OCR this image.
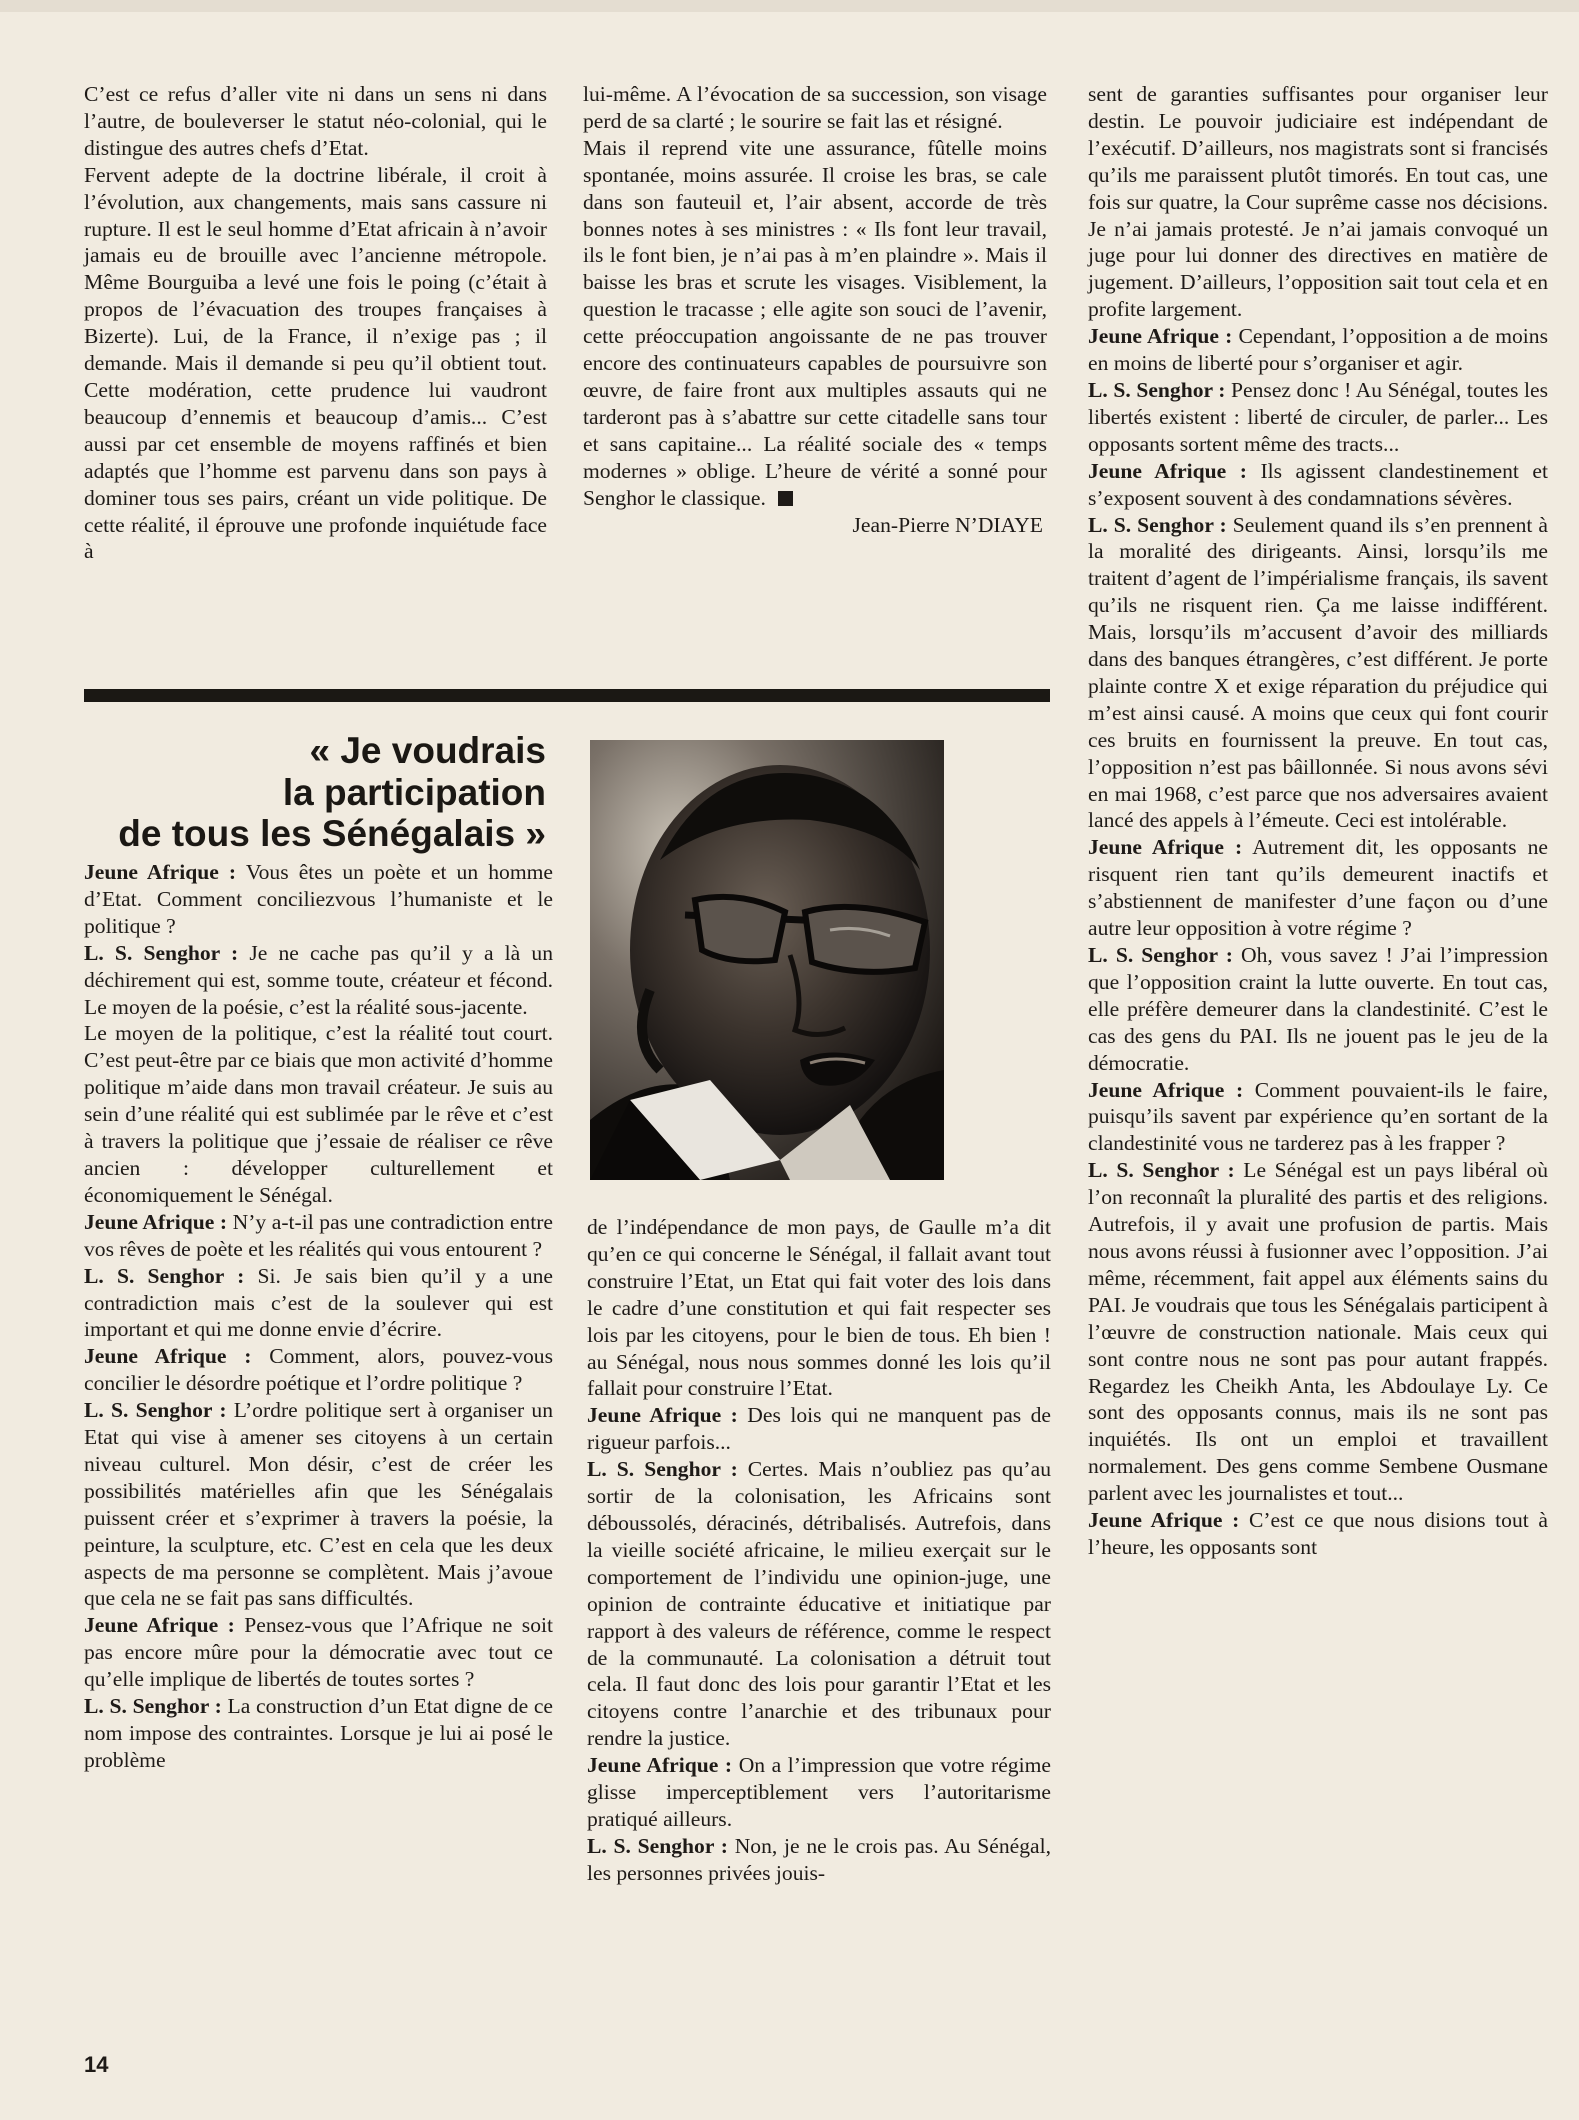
C’est ce refus d’aller vite ni dans un sens ni dans l’autre, de bouleverser le statut néo-colonial, qui le distingue des autres chefs d’Etat.

Fervent adepte de la doctrine libérale, il croit à l’évolution, aux changements, mais sans cassure ni rupture. Il est le seul homme d’Etat africain à n’avoir jamais eu de brouille avec l’ancienne métropole. Même Bourguiba a levé une fois le poing (c’était à propos de l’évacuation des troupes françaises à Bizerte). Lui, de la France, il n’exige pas ; il demande. Mais il demande si peu qu’il obtient tout. Cette modération, cette prudence lui vaudront beaucoup d’ennemis et beaucoup d’amis... C’est aussi par cet ensemble de moyens raffinés et bien adaptés que l’homme est parvenu dans son pays à dominer tous ses pairs, créant un vide politique. De cette réalité, il éprouve une profonde inquiétude face à

lui-même. A l’évocation de sa succession, son visage perd de sa clarté ; le sourire se fait las et résigné.

Mais il reprend vite une assurance, fûtelle moins spontanée, moins assurée. Il croise les bras, se cale dans son fauteuil et, l’air absent, accorde de très bonnes notes à ses ministres : « Ils font leur travail, ils le font bien, je n’ai pas à m’en plaindre ». Mais il baisse les bras et scrute les visages. Visiblement, la question le tracasse ; elle agite son souci de l’avenir, cette préoccupation angoissante de ne pas trouver encore des continuateurs capables de poursuivre son œuvre, de faire front aux multiples assauts qui ne tarderont pas à s’abattre sur cette citadelle sans tour et sans capitaine... La réalité sociale des « temps modernes » oblige. L’heure de vérité a sonné pour Senghor le classique.

Jean-Pierre N’DIAYE

sent de garanties suffisantes pour organiser leur destin. Le pouvoir judiciaire est indépendant de l’exécutif. D’ailleurs, nos magistrats sont si francisés qu’ils me paraissent plutôt timorés. En tout cas, une fois sur quatre, la Cour suprême casse nos décisions. Je n’ai jamais protesté. Je n’ai jamais convoqué un juge pour lui donner des directives en matière de jugement. D’ailleurs, l’opposition sait tout cela et en profite largement.

Jeune Afrique : Cependant, l’opposition a de moins en moins de liberté pour s’organiser et agir.

L. S. Senghor : Pensez donc ! Au Sénégal, toutes les libertés existent : liberté de circuler, de parler... Les opposants sortent même des tracts...

Jeune Afrique : Ils agissent clandestinement et s’exposent souvent à des condamnations sévères.

L. S. Senghor : Seulement quand ils s’en prennent à la moralité des dirigeants. Ainsi, lorsqu’ils me traitent d’agent de l’impérialisme français, ils savent qu’ils ne risquent rien. Ça me laisse indifférent. Mais, lorsqu’ils m’accusent d’avoir des milliards dans des banques étrangères, c’est différent. Je porte plainte contre X et exige réparation du préjudice qui m’est ainsi causé. A moins que ceux qui font courir ces bruits en fournissent la preuve. En tout cas, l’opposition n’est pas bâillonnée. Si nous avons sévi en mai 1968, c’est parce que nos adversaires avaient lancé des appels à l’émeute. Ceci est intolérable.

Jeune Afrique : Autrement dit, les opposants ne risquent rien tant qu’ils demeurent inactifs et s’abstiennent de manifester d’une façon ou d’une autre leur opposition à votre régime ?

L. S. Senghor : Oh, vous savez ! J’ai l’impression que l’opposition craint la lutte ouverte. En tout cas, elle préfère demeurer dans la clandestinité. C’est le cas des gens du PAI. Ils ne jouent pas le jeu de la démocratie.

Jeune Afrique : Comment pouvaient-ils le faire, puisqu’ils savent par expérience qu’en sortant de la clandestinité vous ne tarderez pas à les frapper ?

L. S. Senghor : Le Sénégal est un pays libéral où l’on reconnaît la pluralité des partis et des religions. Autrefois, il y avait une profusion de partis. Mais nous avons réussi à fusionner avec l’opposition. J’ai même, récemment, fait appel aux éléments sains du PAI. Je voudrais que tous les Sénégalais participent à l’œuvre de construction nationale. Mais ceux qui sont contre nous ne sont pas pour autant frappés. Regardez les Cheikh Anta, les Abdoulaye Ly. Ce sont des opposants connus, mais ils ne sont pas inquiétés. Ils ont un emploi et travaillent normalement. Des gens comme Sembene Ousmane parlent avec les journalistes et tout...

Jeune Afrique : C’est ce que nous disions tout à l’heure, les opposants sont

« Je voudrais
la participation
de tous les Sénégalais »

Jeune Afrique : Vous êtes un poète et un homme d’Etat. Comment conciliezvous l’humaniste et le politique ?

L. S. Senghor : Je ne cache pas qu’il y a là un déchirement qui est, somme toute, créateur et fécond. Le moyen de la poésie, c’est la réalité sous-jacente.

Le moyen de la politique, c’est la réalité tout court. C’est peut-être par ce biais que mon activité d’homme politique m’aide dans mon travail créateur. Je suis au sein d’une réalité qui est sublimée par le rêve et c’est à travers la politique que j’essaie de réaliser ce rêve ancien : développer culturellement et économiquement le Sénégal.

Jeune Afrique : N’y a-t-il pas une contradiction entre vos rêves de poète et les réalités qui vous entourent ?

L. S. Senghor : Si. Je sais bien qu’il y a une contradiction mais c’est de la soulever qui est important et qui me donne envie d’écrire.

Jeune Afrique : Comment, alors, pouvez-vous concilier le désordre poétique et l’ordre politique ?

L. S. Senghor : L’ordre politique sert à organiser un Etat qui vise à amener ses citoyens à un certain niveau culturel. Mon désir, c’est de créer les possibilités matérielles afin que les Sénégalais puissent créer et s’exprimer à travers la poésie, la peinture, la sculpture, etc. C’est en cela que les deux aspects de ma personne se complètent. Mais j’avoue que cela ne se fait pas sans difficultés.

Jeune Afrique : Pensez-vous que l’Afrique ne soit pas encore mûre pour la démocratie avec tout ce qu’elle implique de libertés de toutes sortes ?

L. S. Senghor : La construction d’un Etat digne de ce nom impose des contraintes. Lorsque je lui ai posé le problème

de l’indépendance de mon pays, de Gaulle m’a dit qu’en ce qui concerne le Sénégal, il fallait avant tout construire l’Etat, un Etat qui fait voter des lois dans le cadre d’une constitution et qui fait respecter ses lois par les citoyens, pour le bien de tous. Eh bien ! au Sénégal, nous nous sommes donné les lois qu’il fallait pour construire l’Etat.

Jeune Afrique : Des lois qui ne manquent pas de rigueur parfois...

L. S. Senghor : Certes. Mais n’oubliez pas qu’au sortir de la colonisation, les Africains sont déboussolés, déracinés, détribalisés. Autrefois, dans la vieille société africaine, le milieu exerçait sur le comportement de l’individu une opinion-juge, une opinion de contrainte éducative et initiatique par rapport à des valeurs de référence, comme le respect de la communauté. La colonisation a détruit tout cela. Il faut donc des lois pour garantir l’Etat et les citoyens contre l’anarchie et des tribunaux pour rendre la justice.

Jeune Afrique : On a l’impression que votre régime glisse imperceptiblement vers l’autoritarisme pratiqué ailleurs.

L. S. Senghor : Non, je ne le crois pas. Au Sénégal, les personnes privées jouis-

14
